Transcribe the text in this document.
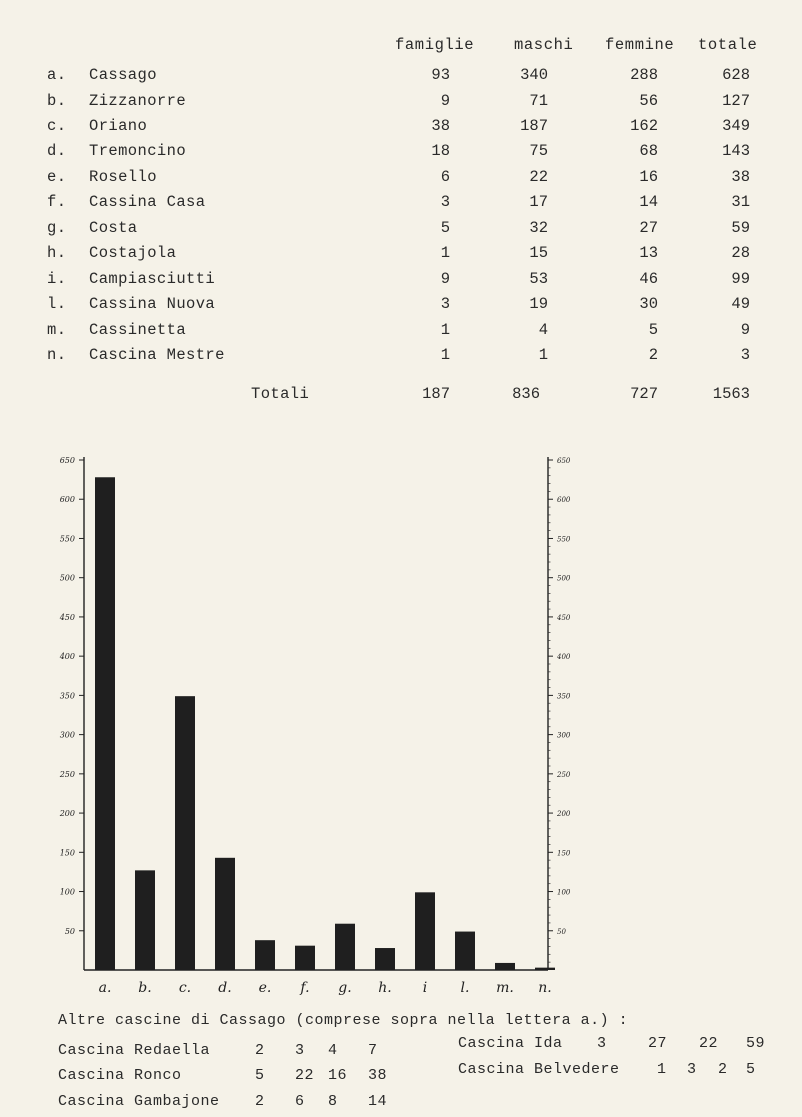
famiglie	maschi femmine totale
a. Cassago	93	340	288	628
b. Zizzanorre	9	71	56	127
c. Oriano	38	187	162	349
d. Tremoncino	18	75	68	143
e. Rosello	6	22	16	38
f. Cassina Casa	3	17	14	31
g. Costa	5	32	27	59
h. Costajola	1	15	13	28
i. Campiasciutti	9	53	46	99
l. Cassina Nuova	3	19	30	49
m. Cassinetta	1	4	5	9
n. Cascina Mestre	1	1	2	3
Totali	187	836	727	1563
50
100
150
200
250
300
350
400
450
500
550
600
650
50
100
150
200
250
300
350
400
450
500
550
600
650
a. b. c. d. e. f. g. h. i l. m. n.
Altre cascine di Cassago (comprese sopra nella lettera a.) :
Cascina Redaella	2 3 4 7
Cascina Ronco	5 22 16 38
Cascina Gambajone 2 6 8 14
Cascina Ida 3	27 22 59
Cascina Belvedere 1 3 2 5
